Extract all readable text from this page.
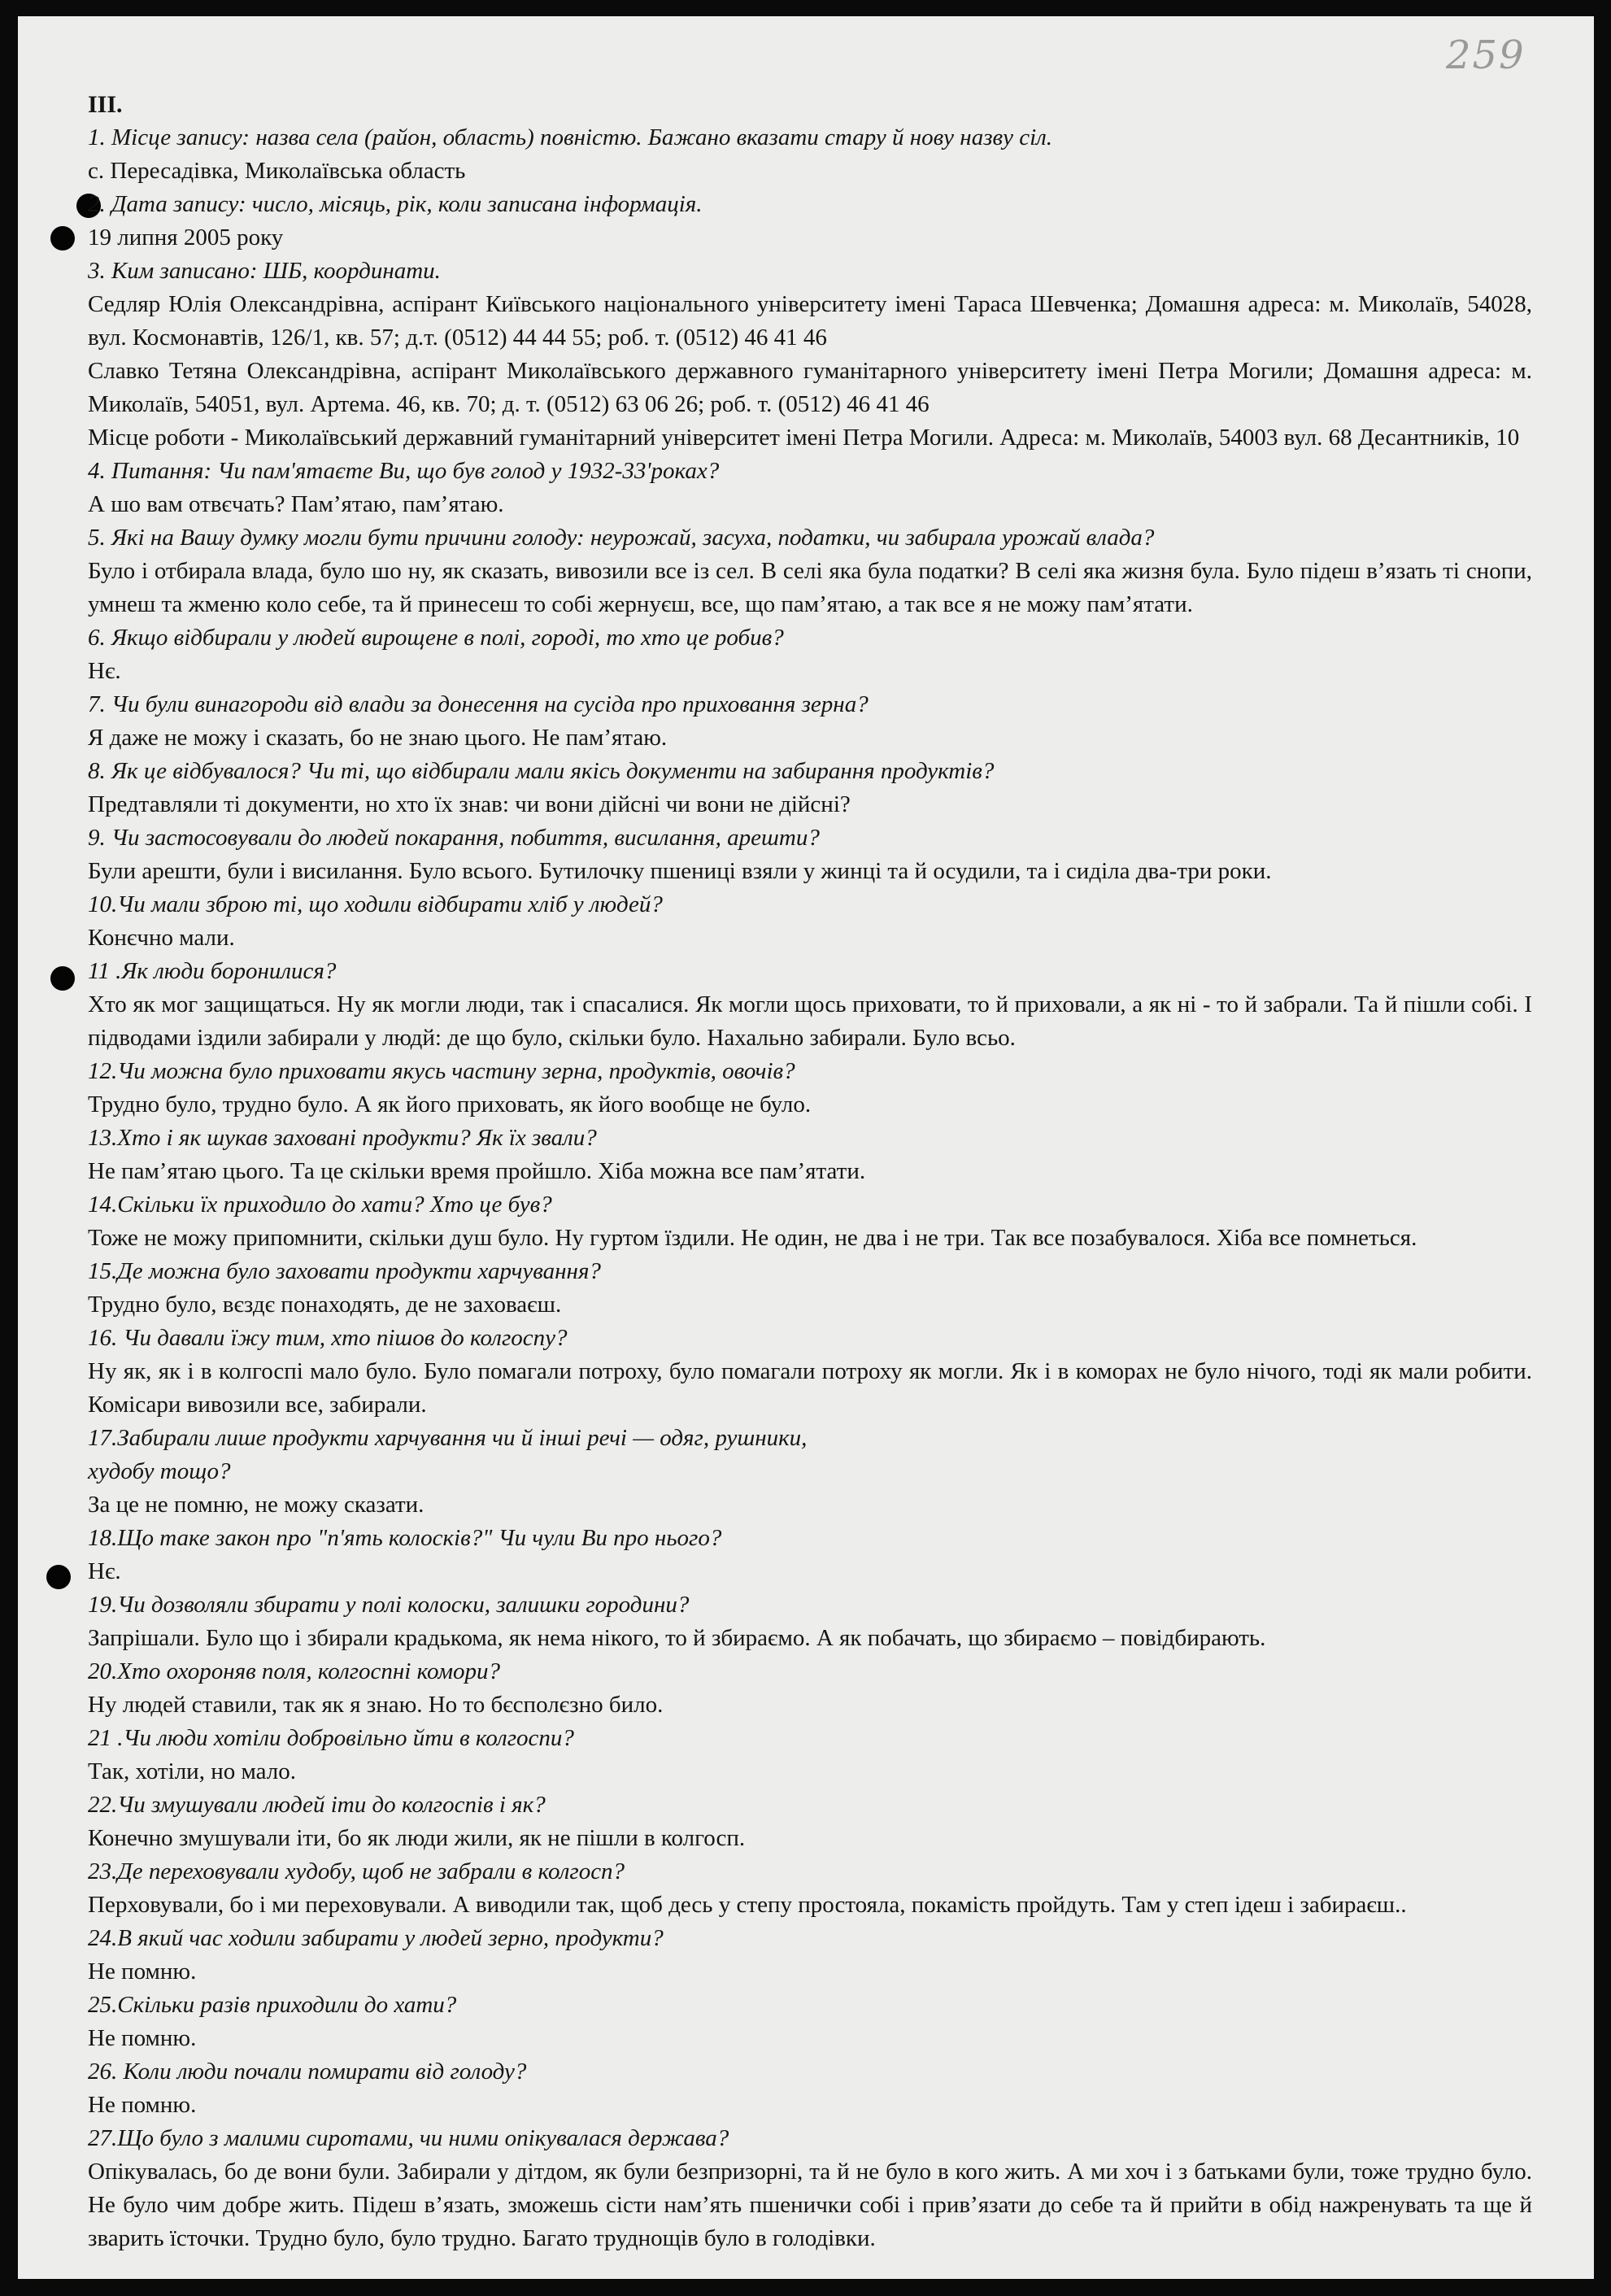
259

III.

1. Місце запису: назва села (район, область) повністю. Бажано вказати стару й нову назву сіл.

с. Пересадівка, Миколаївська область

2. Дата запису: число, місяць, рік, коли записана інформація.

19 липня 2005 року

3. Ким записано: ШБ, координати.

Седляр Юлія Олександрівна, аспірант Київського національного університету імені Тараса Шевченка; Домашня адреса: м. Миколаїв, 54028, вул. Космонавтів, 126/1, кв. 57; д.т. (0512) 44 44 55; роб. т. (0512) 46 41 46

Славко Тетяна Олександрівна, аспірант Миколаївського державного гуманітарного університету імені Петра Могили; Домашня адреса: м. Миколаїв, 54051, вул. Артема. 46, кв. 70; д. т. (0512) 63 06 26; роб. т. (0512) 46 41 46

Місце роботи - Миколаївський державний гуманітарний університет імені Петра Могили. Адреса: м. Миколаїв, 54003 вул. 68 Десантників, 10

4. Питання: Чи пам'ятаєте Ви, що був голод у 1932-33'роках?

А шо вам отвєчать? Пам’ятаю, пам’ятаю.

5. Які на Вашу думку могли бути причини голоду: неурожай, засуха, податки, чи забирала урожай влада?

Було і отбирала влада, було шо ну, як сказать, вивозили все із сел. В селі яка була податки? В селі яка жизня була. Було підеш в’язать ті снопи, умнеш та жменю коло себе, та й принесеш то собі жернуєш, все, що пам’ятаю, а так все я не можу пам’ятати.

6. Якщо відбирали у людей вирощене в полі, городі, то хто це робив?

Нє.

7. Чи були винагороди від влади за донесення на сусіда про приховання зерна?

Я даже не можу і сказать, бо не знаю цього. Не пам’ятаю.

8. Як це відбувалося? Чи ті, що відбирали мали якісь документи на забирання продуктів?

Предтавляли ті документи, но хто їх знав: чи вони дійсні чи вони не дійсні?

9. Чи застосовували до людей покарання, побиття, висилання, арешти?

Були арешти, були і висилання. Було всього. Бутилочку пшениці взяли у жинці та й осудили, та і сиділа два-три роки.

10.Чи мали зброю ті, що ходили відбирати хліб у людей?

Конєчно мали.

11 .Як люди боронилися?

Хто як мог защищаться. Ну як могли люди, так і спасалися. Як могли щось приховати, то й приховали, а як ні - то й забрали. Та й пішли собі. І підводами іздили забирали у людй: де що було, скільки було. Нахально забирали. Було всьо.

12.Чи можна було приховати якусь частину зерна, продуктів, овочів?

Трудно було, трудно було. А як його приховать, як його вообще не було.

13.Хто і як шукав заховані продукти? Як їх звали?

Не пам’ятаю цього. Та це скільки время пройшло. Хіба можна все пам’ятати.

14.Скільки їх приходило до хати? Хто це був?

Тоже не можу припомнити, скільки душ було. Ну гуртом їздили. Не один, не два і не три. Так все позабувалося. Хіба все помнеться.

15.Де можна було заховати продукти харчування?

Трудно було, вєздє понаходять, де не заховаєш.

16. Чи давали їжу тим, хто пішов до колгоспу?

Ну як, як і в колгоспі мало було. Було помагали потроху, було помагали потроху як могли. Як і в коморах не було нічого, тоді як мали робити. Комісари вивозили все, забирали.

17.Забирали лише продукти харчування чи й інші речі — одяг, рушники,
худобу тощо?

За це не помню, не можу сказати.

18.Що таке закон про "п'ять колосків?" Чи чули Ви про нього?

Нє.

19.Чи дозволяли збирати у полі колоски, залишки городини?

Запрішали. Було що і збирали крадькома, як нема нікого, то й збираємо. А як побачать, що збираємо – повідбирають.

20.Хто охороняв поля, колгоспні комори?

Ну людей ставили, так як я знаю. Но то бєсполєзно било.

21 .Чи люди хотіли добровільно йти в колгоспи?

Так, хотіли, но мало.

22.Чи змушували людей іти до колгоспів і як?

Конечно змушували іти, бо як люди жили, як не пішли в колгосп.

23.Де переховували худобу, щоб не забрали в колгосп?

Перховували, бо і ми переховували. А виводили так, щоб десь у степу простояла, покамість пройдуть. Там у степ ідеш і забираєш..

24.В який час ходили забирати у людей зерно, продукти?

Не помню.

25.Скільки разів приходили до хати?

Не помню.

26. Коли люди почали помирати від голоду?

Не помню.

27.Що було з малими сиротами, чи ними опікувалася держава?

Опікувалась, бо де вони були. Забирали у дітдом, як були безпризорні, та й не було в кого жить. А ми хоч і з батьками були, тоже трудно було. Не було чим добре жить. Підеш в’язать, зможешь сісти нам’ять пшенички собі і прив’язати до себе та й прийти в обід нажренувать та ще й зварить їсточки. Трудно було, було трудно. Багато труднощів було в голодівки.
